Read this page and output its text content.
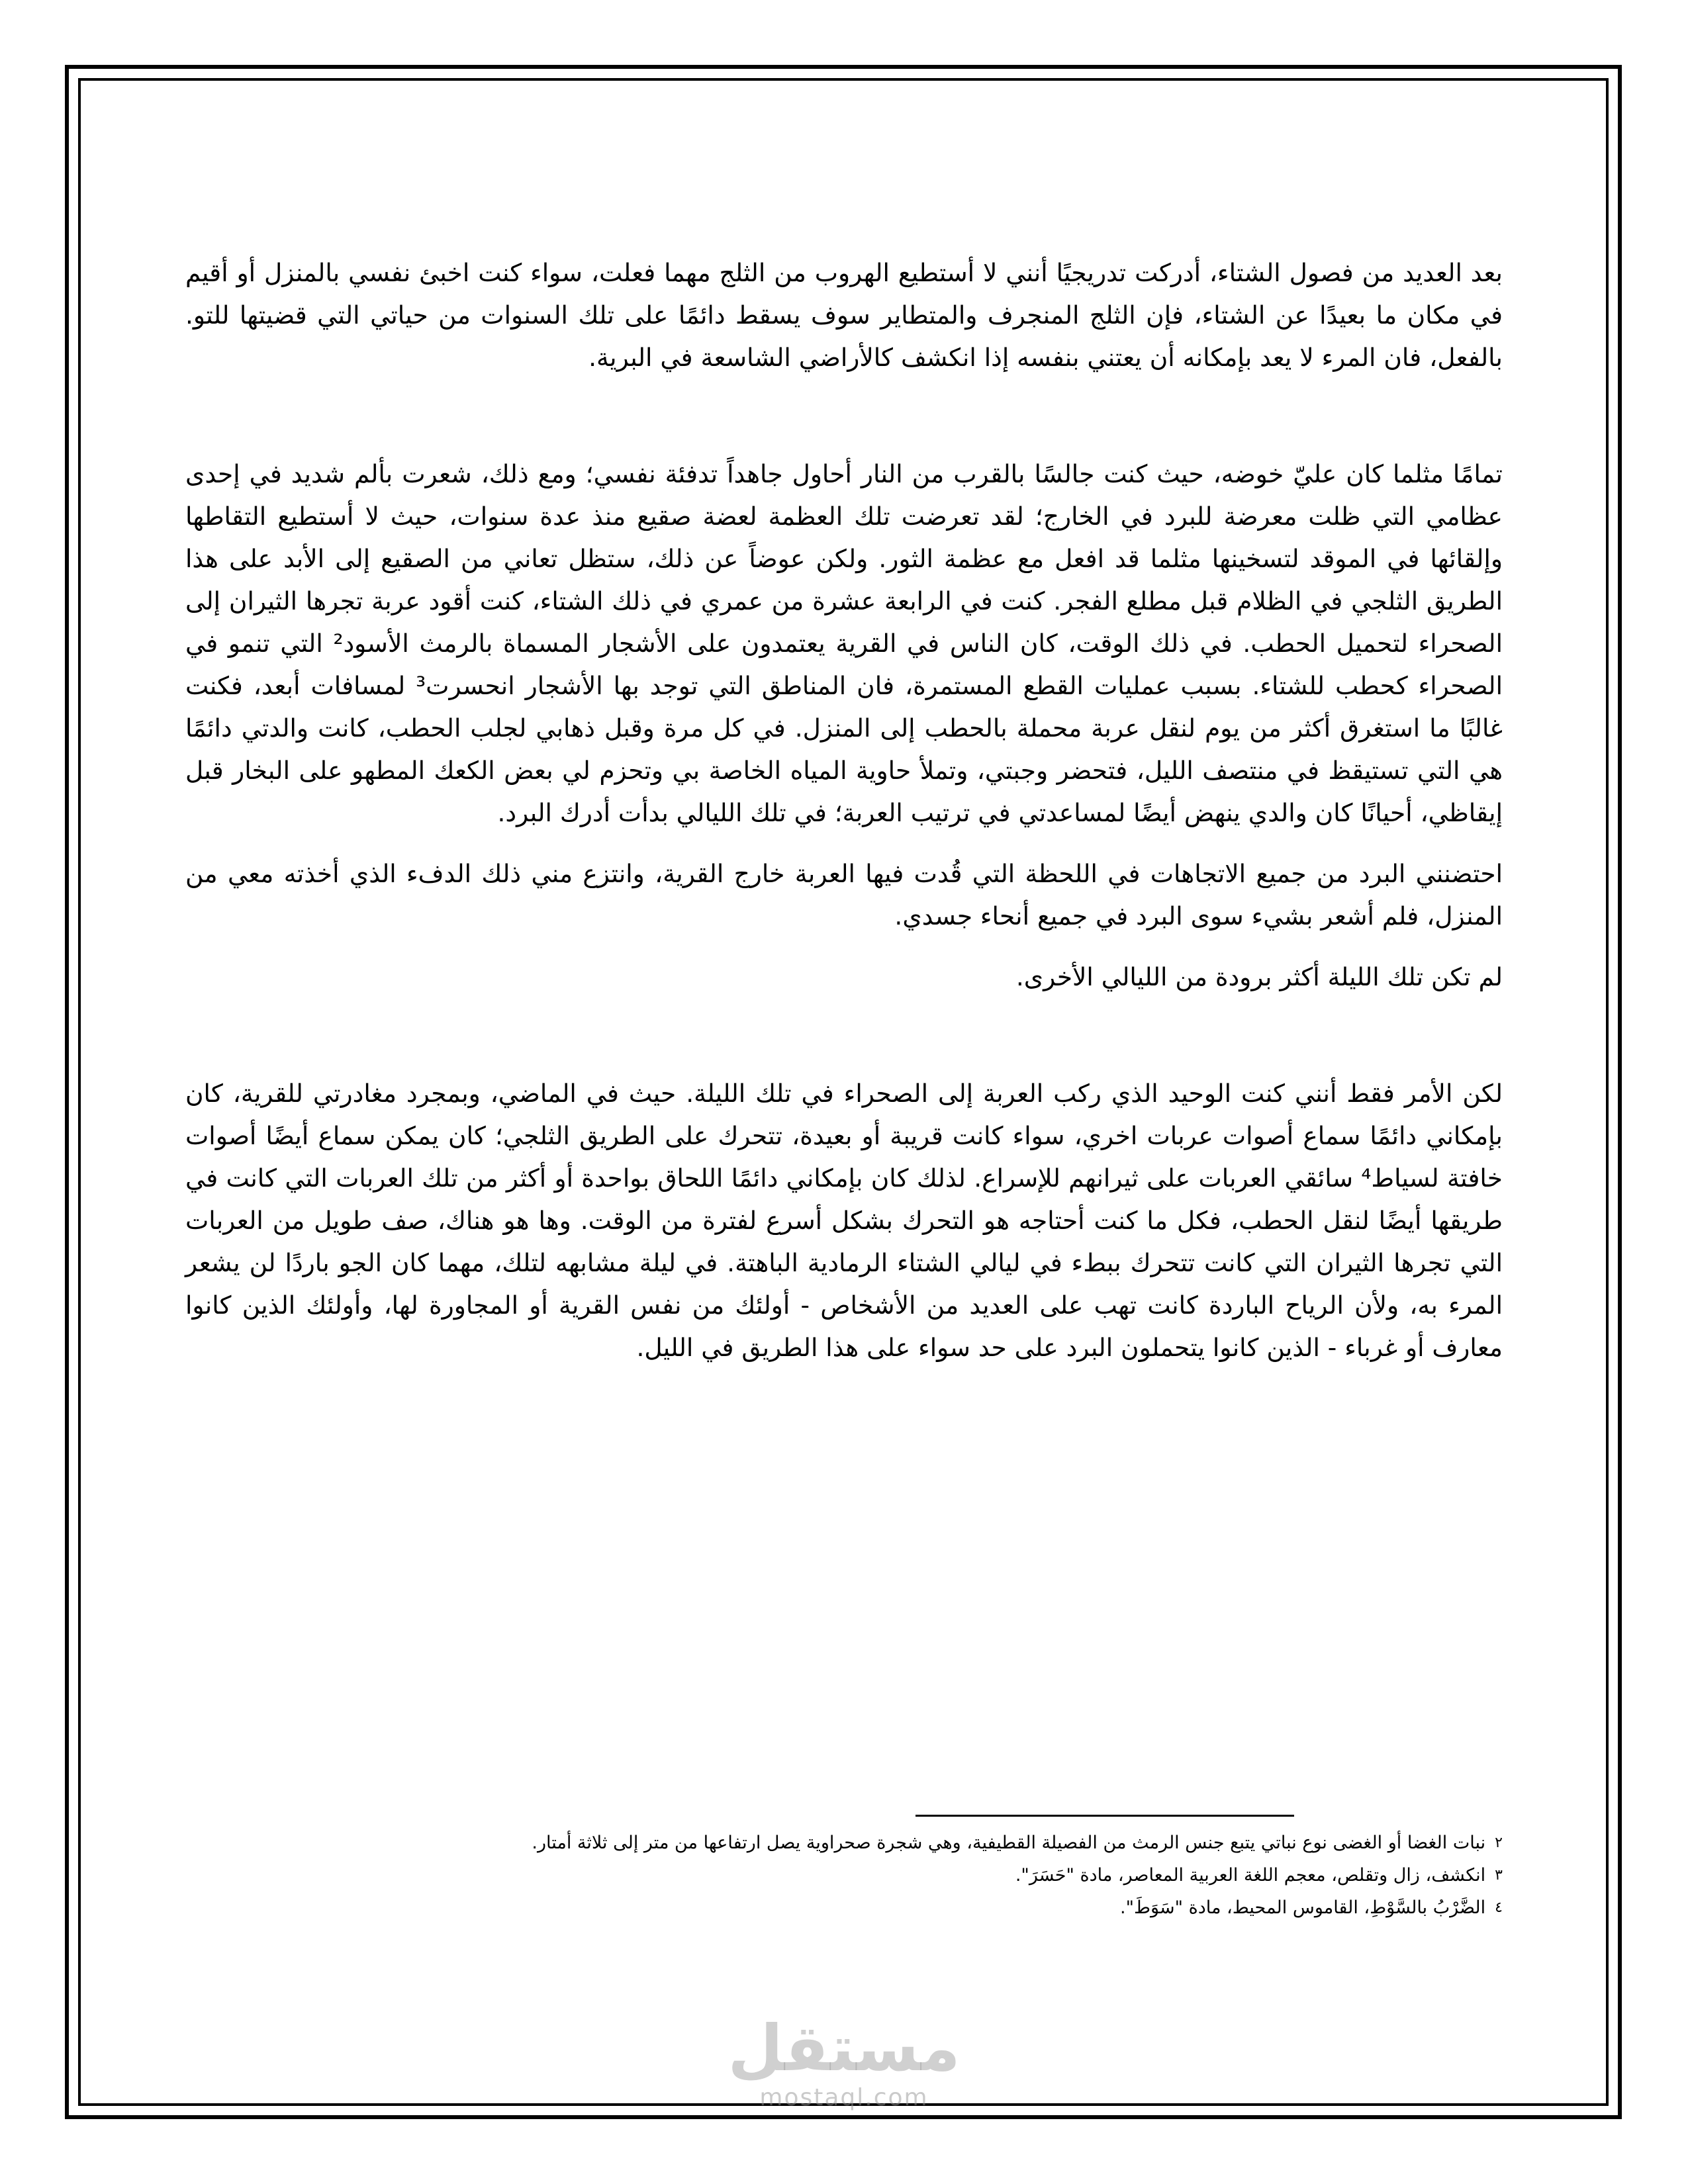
بعد العديد من فصول الشتاء، أدركت تدريجيًا أنني لا أستطيع الهروب من الثلج مهما فعلت، سواء كنت اخبئ نفسي بالمنزل أو أقيم في مكان ما بعيدًا عن الشتاء، فإن الثلج المنجرف والمتطاير سوف يسقط دائمًا على تلك السنوات من حياتي التي قضيتها للتو. بالفعل، فان المرء لا يعد بإمكانه أن يعتني بنفسه إذا انكشف كالأراضي الشاسعة في البرية.

تمامًا مثلما كان عليّ خوضه، حيث كنت جالسًا بالقرب من النار أحاول جاهداً تدفئة نفسي؛ ومع ذلك، شعرت بألم شديد في إحدى عظامي التي ظلت معرضة للبرد في الخارج؛ لقد تعرضت تلك العظمة لعضة صقيع منذ عدة سنوات، حيث لا أستطيع التقاطها وإلقائها في الموقد لتسخينها مثلما قد افعل مع عظمة الثور. ولكن عوضاً عن ذلك، ستظل تعاني من الصقيع إلى الأبد على هذا الطريق الثلجي في الظلام قبل مطلع الفجر. كنت في الرابعة عشرة من عمري في ذلك الشتاء، كنت أقود عربة تجرها الثيران إلى الصحراء لتحميل الحطب. في ذلك الوقت، كان الناس في القرية يعتمدون على الأشجار المسماة بالرمث الأسود² التي تنمو في الصحراء كحطب للشتاء. بسبب عمليات القطع المستمرة، فان المناطق التي توجد بها الأشجار انحسرت³ لمسافات أبعد، فكنت غالبًا ما استغرق أكثر من يوم لنقل عربة محملة بالحطب إلى المنزل. في كل مرة وقبل ذهابي لجلب الحطب، كانت والدتي دائمًا هي التي تستيقظ في منتصف الليل، فتحضر وجبتي، وتملأ حاوية المياه الخاصة بي وتحزم لي بعض الكعك المطهو على البخار قبل إيقاظي، أحيانًا كان والدي ينهض أيضًا لمساعدتي في ترتيب العربة؛ في تلك الليالي بدأت أدرك البرد.

احتضنني البرد من جميع الاتجاهات في اللحظة التي قُدت فيها العربة خارج القرية، وانتزع مني ذلك الدفء الذي أخذته معي من المنزل، فلم أشعر بشيء سوى البرد في جميع أنحاء جسدي.

لم تكن تلك الليلة أكثر برودة من الليالي الأخرى.

لكن الأمر فقط أنني كنت الوحيد الذي ركب العربة إلى الصحراء في تلك الليلة. حيث في الماضي، وبمجرد مغادرتي للقرية، كان بإمكاني دائمًا سماع أصوات عربات اخري، سواء كانت قريبة أو بعيدة، تتحرك على الطريق الثلجي؛ كان يمكن سماع أيضًا أصوات خافتة لسياط⁴ سائقي العربات على ثيرانهم للإسراع. لذلك كان بإمكاني دائمًا اللحاق بواحدة أو أكثر من تلك العربات التي كانت في طريقها أيضًا لنقل الحطب، فكل ما كنت أحتاجه هو التحرك بشكل أسرع لفترة من الوقت. وها هو هناك، صف طويل من العربات التي تجرها الثيران التي كانت تتحرك ببطء في ليالي الشتاء الرمادية الباهتة. في ليلة مشابهه لتلك، مهما كان الجو باردًا لن يشعر المرء به، ولأن الرياح الباردة كانت تهب على العديد من الأشخاص - أولئك من نفس القرية أو المجاورة لها، وأولئك الذين كانوا معارف أو غرباء - الذين كانوا يتحملون البرد على حد سواء على هذا الطريق في الليل.

$^٢$نبات الغضا أو الغضى نوع نباتي يتبع جنس الرمث من الفصيلة القطيفية، وهي شجرة صحراوية يصل ارتفاعها من متر إلى ثلاثة أمتار.

$^٣$انكشف، زال وتقلص، معجم اللغة العربية المعاصر، مادة "حَسَرَ".

$^٤$الضَّرْبُ بالسَّوْطِ، القاموس المحيط، مادة "سَوَطَ".

مستقل
mostaql.com
